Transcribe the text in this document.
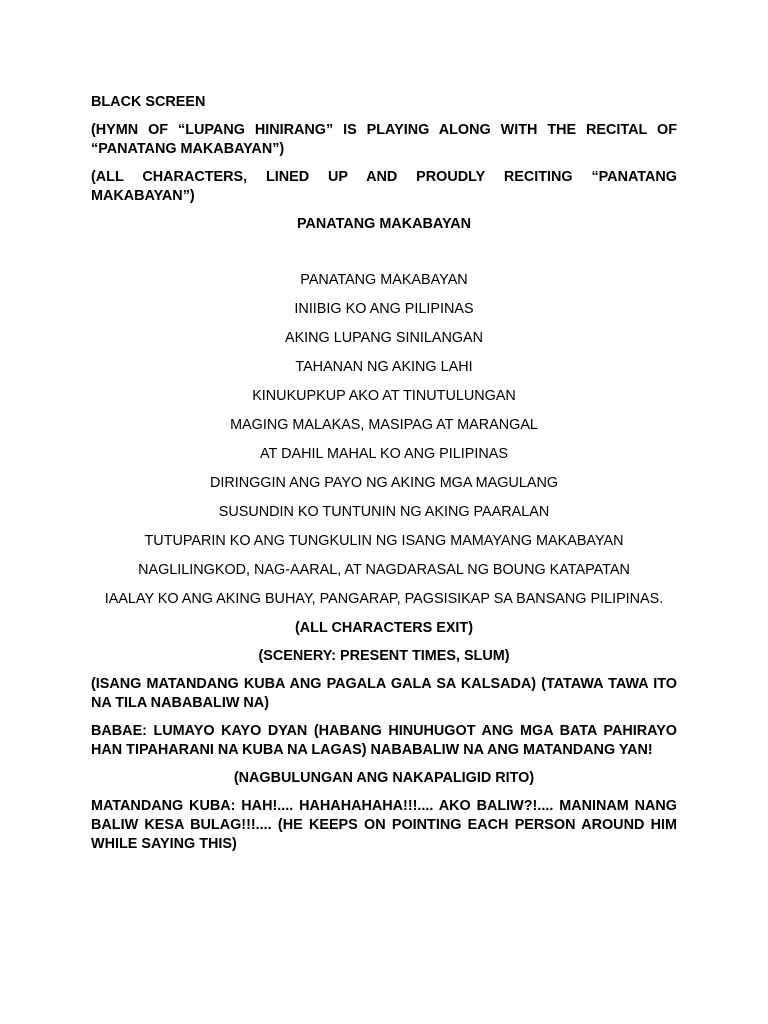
BLACK SCREEN

(HYMN OF “LUPANG HINIRANG” IS PLAYING ALONG WITH THE RECITAL OF “PANATANG MAKABAYAN”)

(ALL CHARACTERS, LINED UP AND PROUDLY RECITING “PANATANG MAKABAYAN”)

PANATANG MAKABAYAN

PANATANG MAKABAYAN

INIIBIG KO ANG PILIPINAS

AKING LUPANG SINILANGAN

TAHANAN NG AKING LAHI

KINUKUPKUP AKO AT TINUTULUNGAN

MAGING MALAKAS, MASIPAG AT MARANGAL

AT DAHIL MAHAL KO ANG PILIPINAS

DIRINGGIN ANG PAYO NG AKING MGA MAGULANG

SUSUNDIN KO TUNTUNIN NG AKING PAARALAN

TUTUPARIN KO ANG TUNGKULIN NG ISANG MAMAYANG MAKABAYAN

NAGLILINGKOD, NAG-AARAL, AT NAGDARASAL NG BOUNG KATAPATAN

IAALAY KO ANG AKING BUHAY, PANGARAP, PAGSISIKAP SA BANSANG PILIPINAS.

(ALL CHARACTERS EXIT)

(SCENERY: PRESENT TIMES, SLUM)

(ISANG MATANDANG KUBA ANG PAGALA GALA SA KALSADA) (TATAWA TAWA ITO NA TILA NABABALIW NA)

BABAE: LUMAYO KAYO DYAN (HABANG HINUHUGOT ANG MGA BATA PAHIRAYO HAN TIPAHARANI NA KUBA NA LAGAS) NABABALIW NA ANG MATANDANG YAN!

(NAGBULUNGAN ANG NAKAPALIGID RITO)

MATANDANG KUBA: HAH!.... HAHAHAHAHA!!!.... AKO BALIW?!.... MANINAM NANG BALIW KESA BULAG!!!.... (HE KEEPS ON POINTING EACH PERSON AROUND HIM WHILE SAYING THIS)
